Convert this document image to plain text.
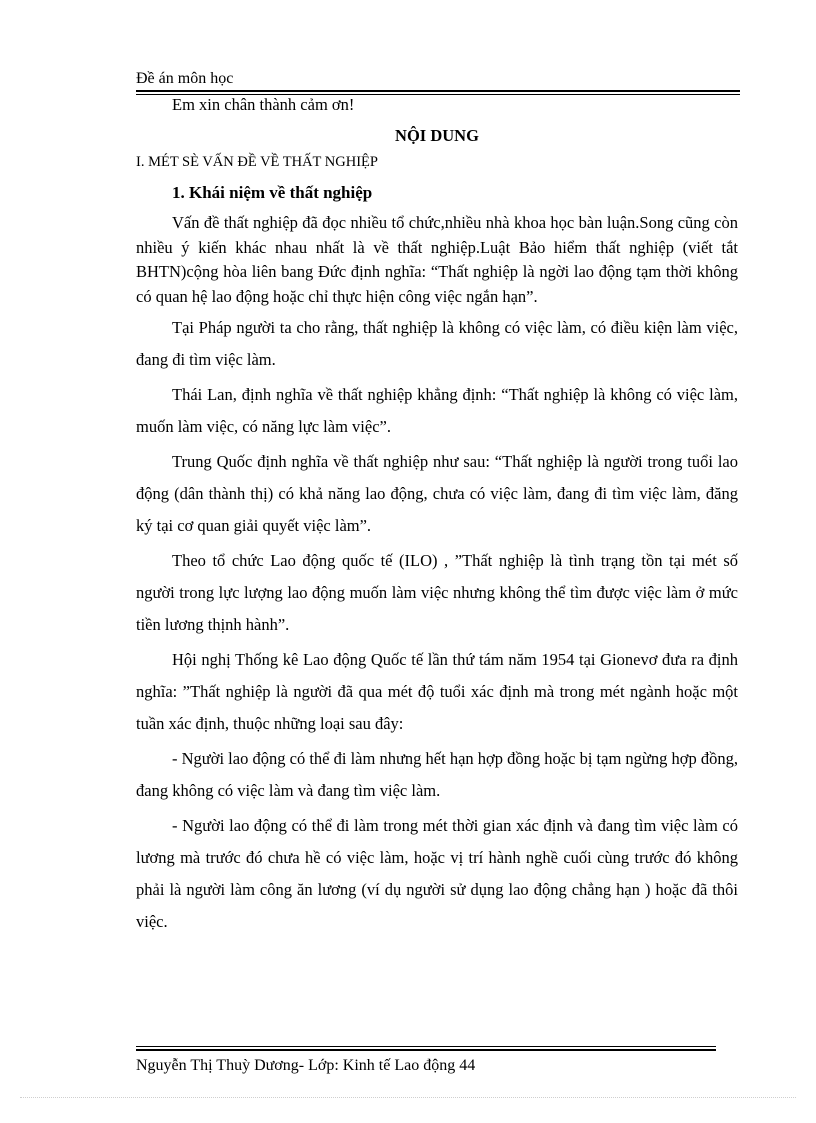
Đề án môn học

Em xin chân thành cảm ơn!

NỘI DUNG

I. MÉT SÈ VẤN ĐỀ VỀ THẤT NGHIỆP

1. Khái niệm về thất nghiệp

Vấn đề thất nghiệp đã đọc nhiều tổ chức,nhiều nhà khoa học bàn luận.Song cũng còn nhiều ý kiến khác nhau nhất là về thất nghiệp.Luật Bảo hiểm thất nghiệp (viết tắt BHTN)cộng hòa liên bang Đức định nghĩa: “Thất nghiệp là ngời lao động tạm thời không có quan hệ lao động hoặc chỉ thực hiện công việc ngắn hạn”.

Tại Pháp người ta cho rằng, thất nghiệp là không có việc làm, có điều kiện làm việc, đang đi tìm việc làm.

Thái Lan, định nghĩa về thất nghiệp khẳng định: “Thất nghiệp là không có việc làm, muốn làm việc, có năng lực làm việc”.

Trung Quốc định nghĩa về thất nghiệp như sau: “Thất nghiệp là người trong tuổi lao động (dân thành thị) có khả năng lao động, chưa có việc làm, đang đi tìm việc làm, đăng ký tại cơ quan giải quyết việc làm”.

Theo tổ chức Lao động quốc tế (ILO) , ”Thất nghiệp là tình trạng tồn tại mét số người trong lực lượng lao động muốn làm việc nhưng không thể tìm được việc làm ở mức tiền lương thịnh hành”.

Hội nghị Thống kê Lao động Quốc tế lần thứ tám năm 1954 tại Gionevơ đưa ra định nghĩa: ”Thất nghiệp là người đã qua mét độ tuổi xác định mà trong mét ngành hoặc một tuần xác định, thuộc những loại sau đây:

- Người lao động có thể đi làm nhưng hết hạn hợp đồng hoặc bị tạm ngừng hợp đồng, đang không có việc làm và đang tìm việc làm.

- Người lao động có thể đi làm trong mét thời gian xác định và đang tìm việc làm có lương mà trước đó chưa hề có việc làm, hoặc vị trí hành nghề cuối cùng trước đó không phải là người làm công ăn lương (ví dụ người sử dụng lao động chẳng hạn ) hoặc đã thôi việc.

Nguyễn Thị Thuỳ Dương- Lớp: Kinh tế Lao động 44
